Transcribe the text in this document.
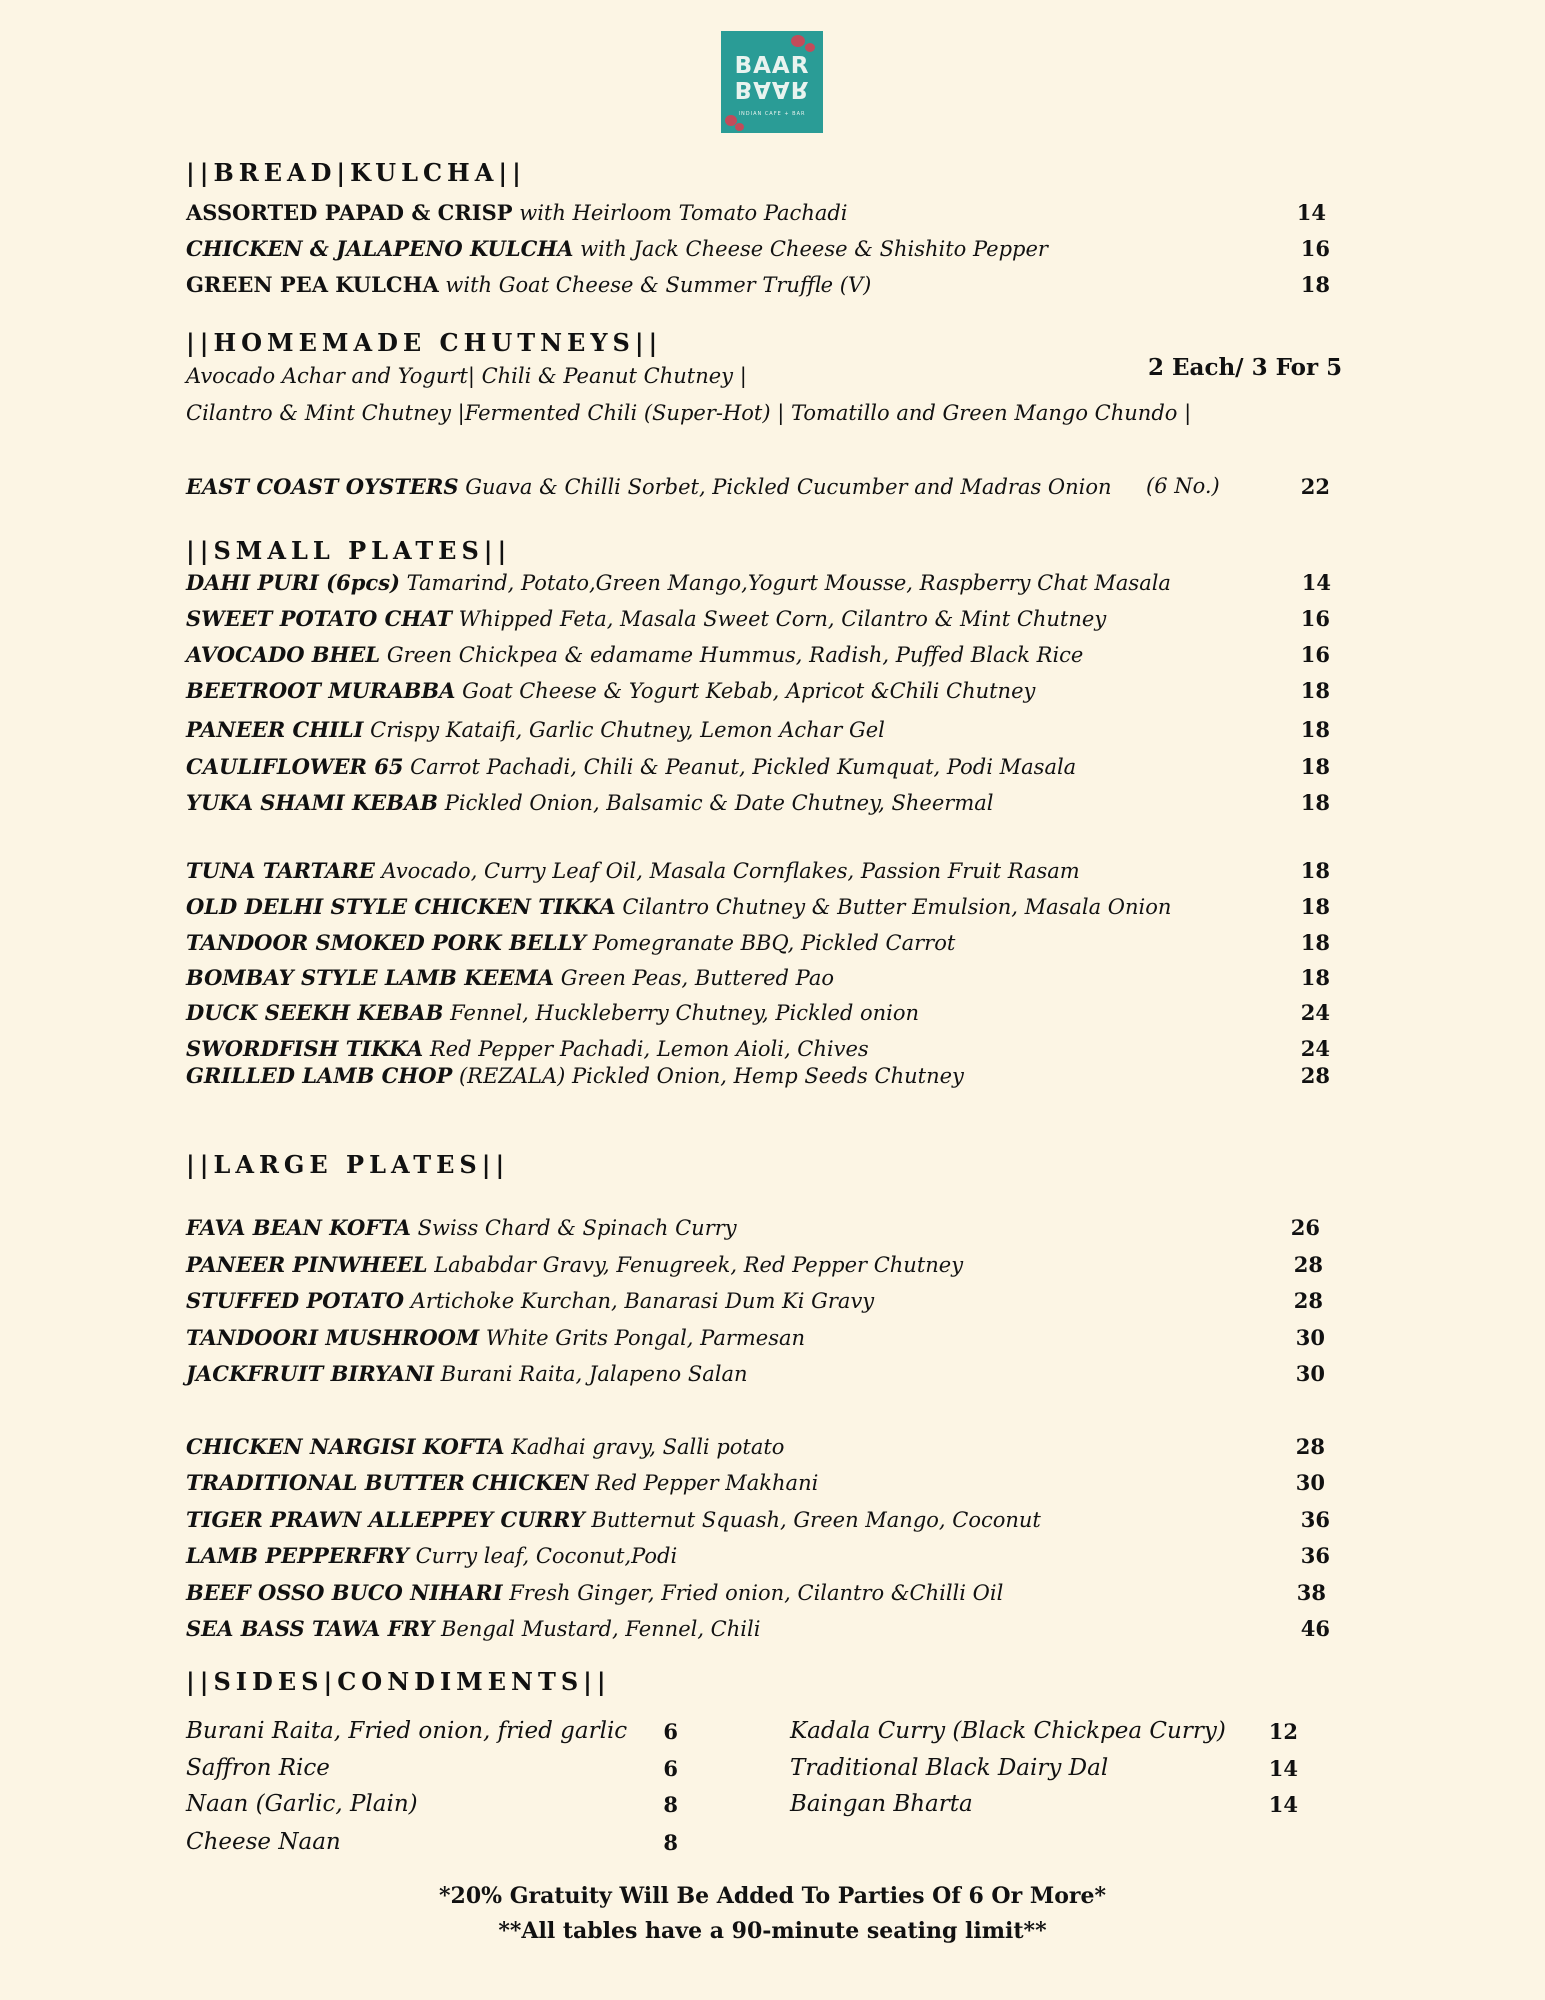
BAAR
BAAR
INDIAN CAFE + BAR
||BREAD|KULCHA||
ASSORTED PAPAD & CRISP with Heirloom Tomato Pachadi	14
CHICKEN & JALAPENO KULCHA with Jack Cheese Cheese & Shishito Pepper	16
GREEN PEA KULCHA with Goat Cheese & Summer Truffle (V)	18
||HOMEMADE CHUTNEYS||
Avocado Achar and Yogurt| Chili & Peanut Chutney |	2 Each/ 3 For 5
Cilantro & Mint Chutney |Fermented Chili (Super-Hot) | Tomatillo and Green Mango Chundo |
EAST COAST OYSTERS Guava & Chilli Sorbet, Pickled Cucumber and Madras Onion (6 No.)	22
||SMALL PLATES||
DAHI PURI (6pcs) Tamarind, Potato,Green Mango,Yogurt Mousse, Raspberry Chat Masala	14
SWEET POTATO CHAT Whipped Feta, Masala Sweet Corn, Cilantro & Mint Chutney	16
AVOCADO BHEL Green Chickpea & edamame Hummus, Radish, Puffed Black Rice	16
BEETROOT MURABBA Goat Cheese & Yogurt Kebab, Apricot &Chili Chutney	18
PANEER CHILI Crispy Kataifi, Garlic Chutney, Lemon Achar Gel	18
CAULIFLOWER 65 Carrot Pachadi, Chili & Peanut, Pickled Kumquat, Podi Masala	18
YUKA SHAMI KEBAB Pickled Onion, Balsamic & Date Chutney, Sheermal	18
TUNA TARTARE Avocado, Curry Leaf Oil, Masala Cornflakes, Passion Fruit Rasam	18
OLD DELHI STYLE CHICKEN TIKKA Cilantro Chutney & Butter Emulsion, Masala Onion	18
TANDOOR SMOKED PORK BELLY Pomegranate BBQ, Pickled Carrot	18
BOMBAY STYLE LAMB KEEMA Green Peas, Buttered Pao	18
DUCK SEEKH KEBAB Fennel, Huckleberry Chutney, Pickled onion	24
SWORDFISH TIKKA Red Pepper Pachadi, Lemon Aioli, Chives	24
GRILLED LAMB CHOP (REZALA) Pickled Onion, Hemp Seeds Chutney	28
||LARGE PLATES||
FAVA BEAN KOFTA Swiss Chard & Spinach Curry	26
PANEER PINWHEEL Lababdar Gravy, Fenugreek, Red Pepper Chutney	28
STUFFED POTATO Artichoke Kurchan, Banarasi Dum Ki Gravy	28
TANDOORI MUSHROOM White Grits Pongal, Parmesan	30
JACKFRUIT BIRYANI Burani Raita, Jalapeno Salan	30
CHICKEN NARGISI KOFTA Kadhai gravy, Salli potato	28
TRADITIONAL BUTTER CHICKEN Red Pepper Makhani	30
TIGER PRAWN ALLEPPEY CURRY Butternut Squash, Green Mango, Coconut	36
LAMB PEPPERFRY Curry leaf, Coconut,Podi	36
BEEF OSSO BUCO NIHARI Fresh Ginger, Fried onion, Cilantro &Chilli Oil	38
SEA BASS TAWA FRY Bengal Mustard, Fennel, Chili	46
||SIDES|CONDIMENTS||
Burani Raita, Fried onion, fried garlic	6
Saffron Rice	6
Naan (Garlic, Plain)	8
Cheese Naan	8
Kadala Curry (Black Chickpea Curry)	12
Traditional Black Dairy Dal	14
Baingan Bharta	14
*20% Gratuity Will Be Added To Parties Of 6 Or More*
**All tables have a 90-minute seating limit**
